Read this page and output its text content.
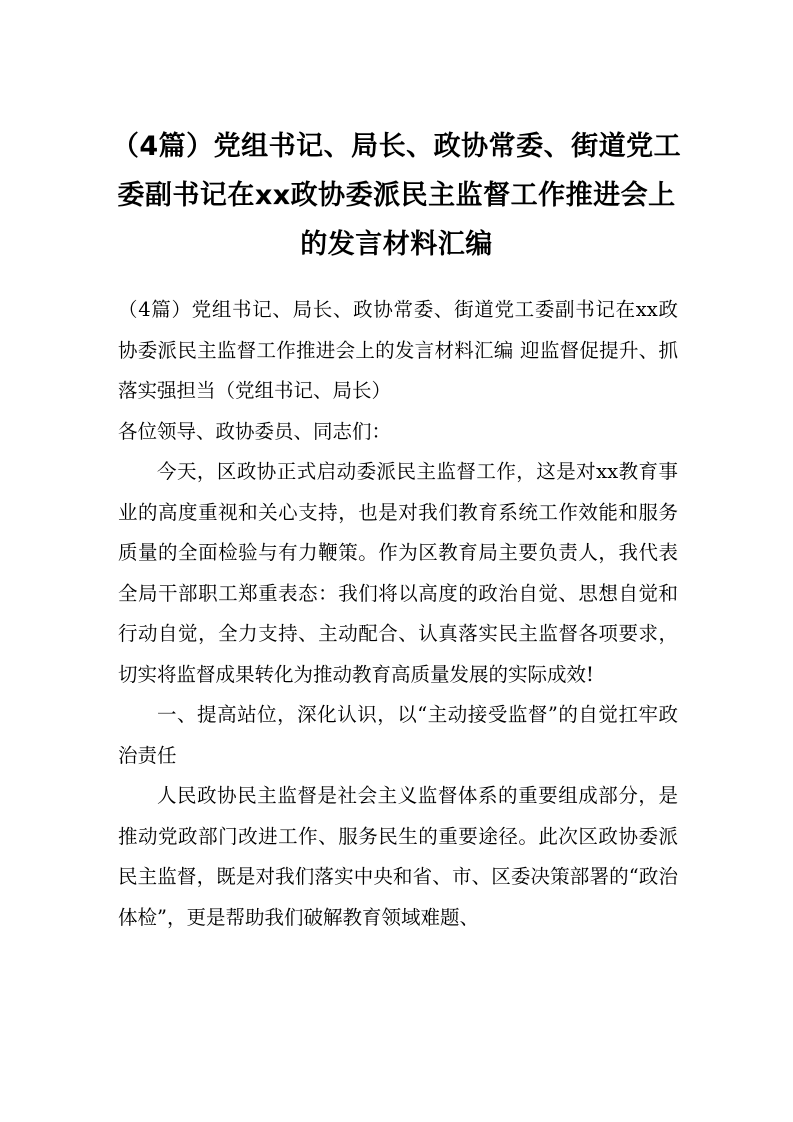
（4篇）党组书记、局长、政协常委、街道党工委副书记在xx政协委派民主监督工作推进会上的发言材料汇编

（4篇）党组书记、局长、政协常委、街道党工委副书记在xx政协委派民主监督工作推进会上的发言材料汇编 迎监督促提升、抓落实强担当（党组书记、局长）

各位领导、政协委员、同志们：

今天，区政协正式启动委派民主监督工作，这是对xx教育事业的高度重视和关心支持，也是对我们教育系统工作效能和服务质量的全面检验与有力鞭策。作为区教育局主要负责人，我代表全局干部职工郑重表态：我们将以高度的政治自觉、思想自觉和行动自觉，全力支持、主动配合、认真落实民主监督各项要求，切实将监督成果转化为推动教育高质量发展的实际成效!

一、提高站位，深化认识，以“主动接受监督”的自觉扛牢政治责任

人民政协民主监督是社会主义监督体系的重要组成部分，是推动党政部门改进工作、服务民生的重要途径。此次区政协委派民主监督，既是对我们落实中央和省、市、区委决策部署的“政治体检”，更是帮助我们破解教育领域难题、
